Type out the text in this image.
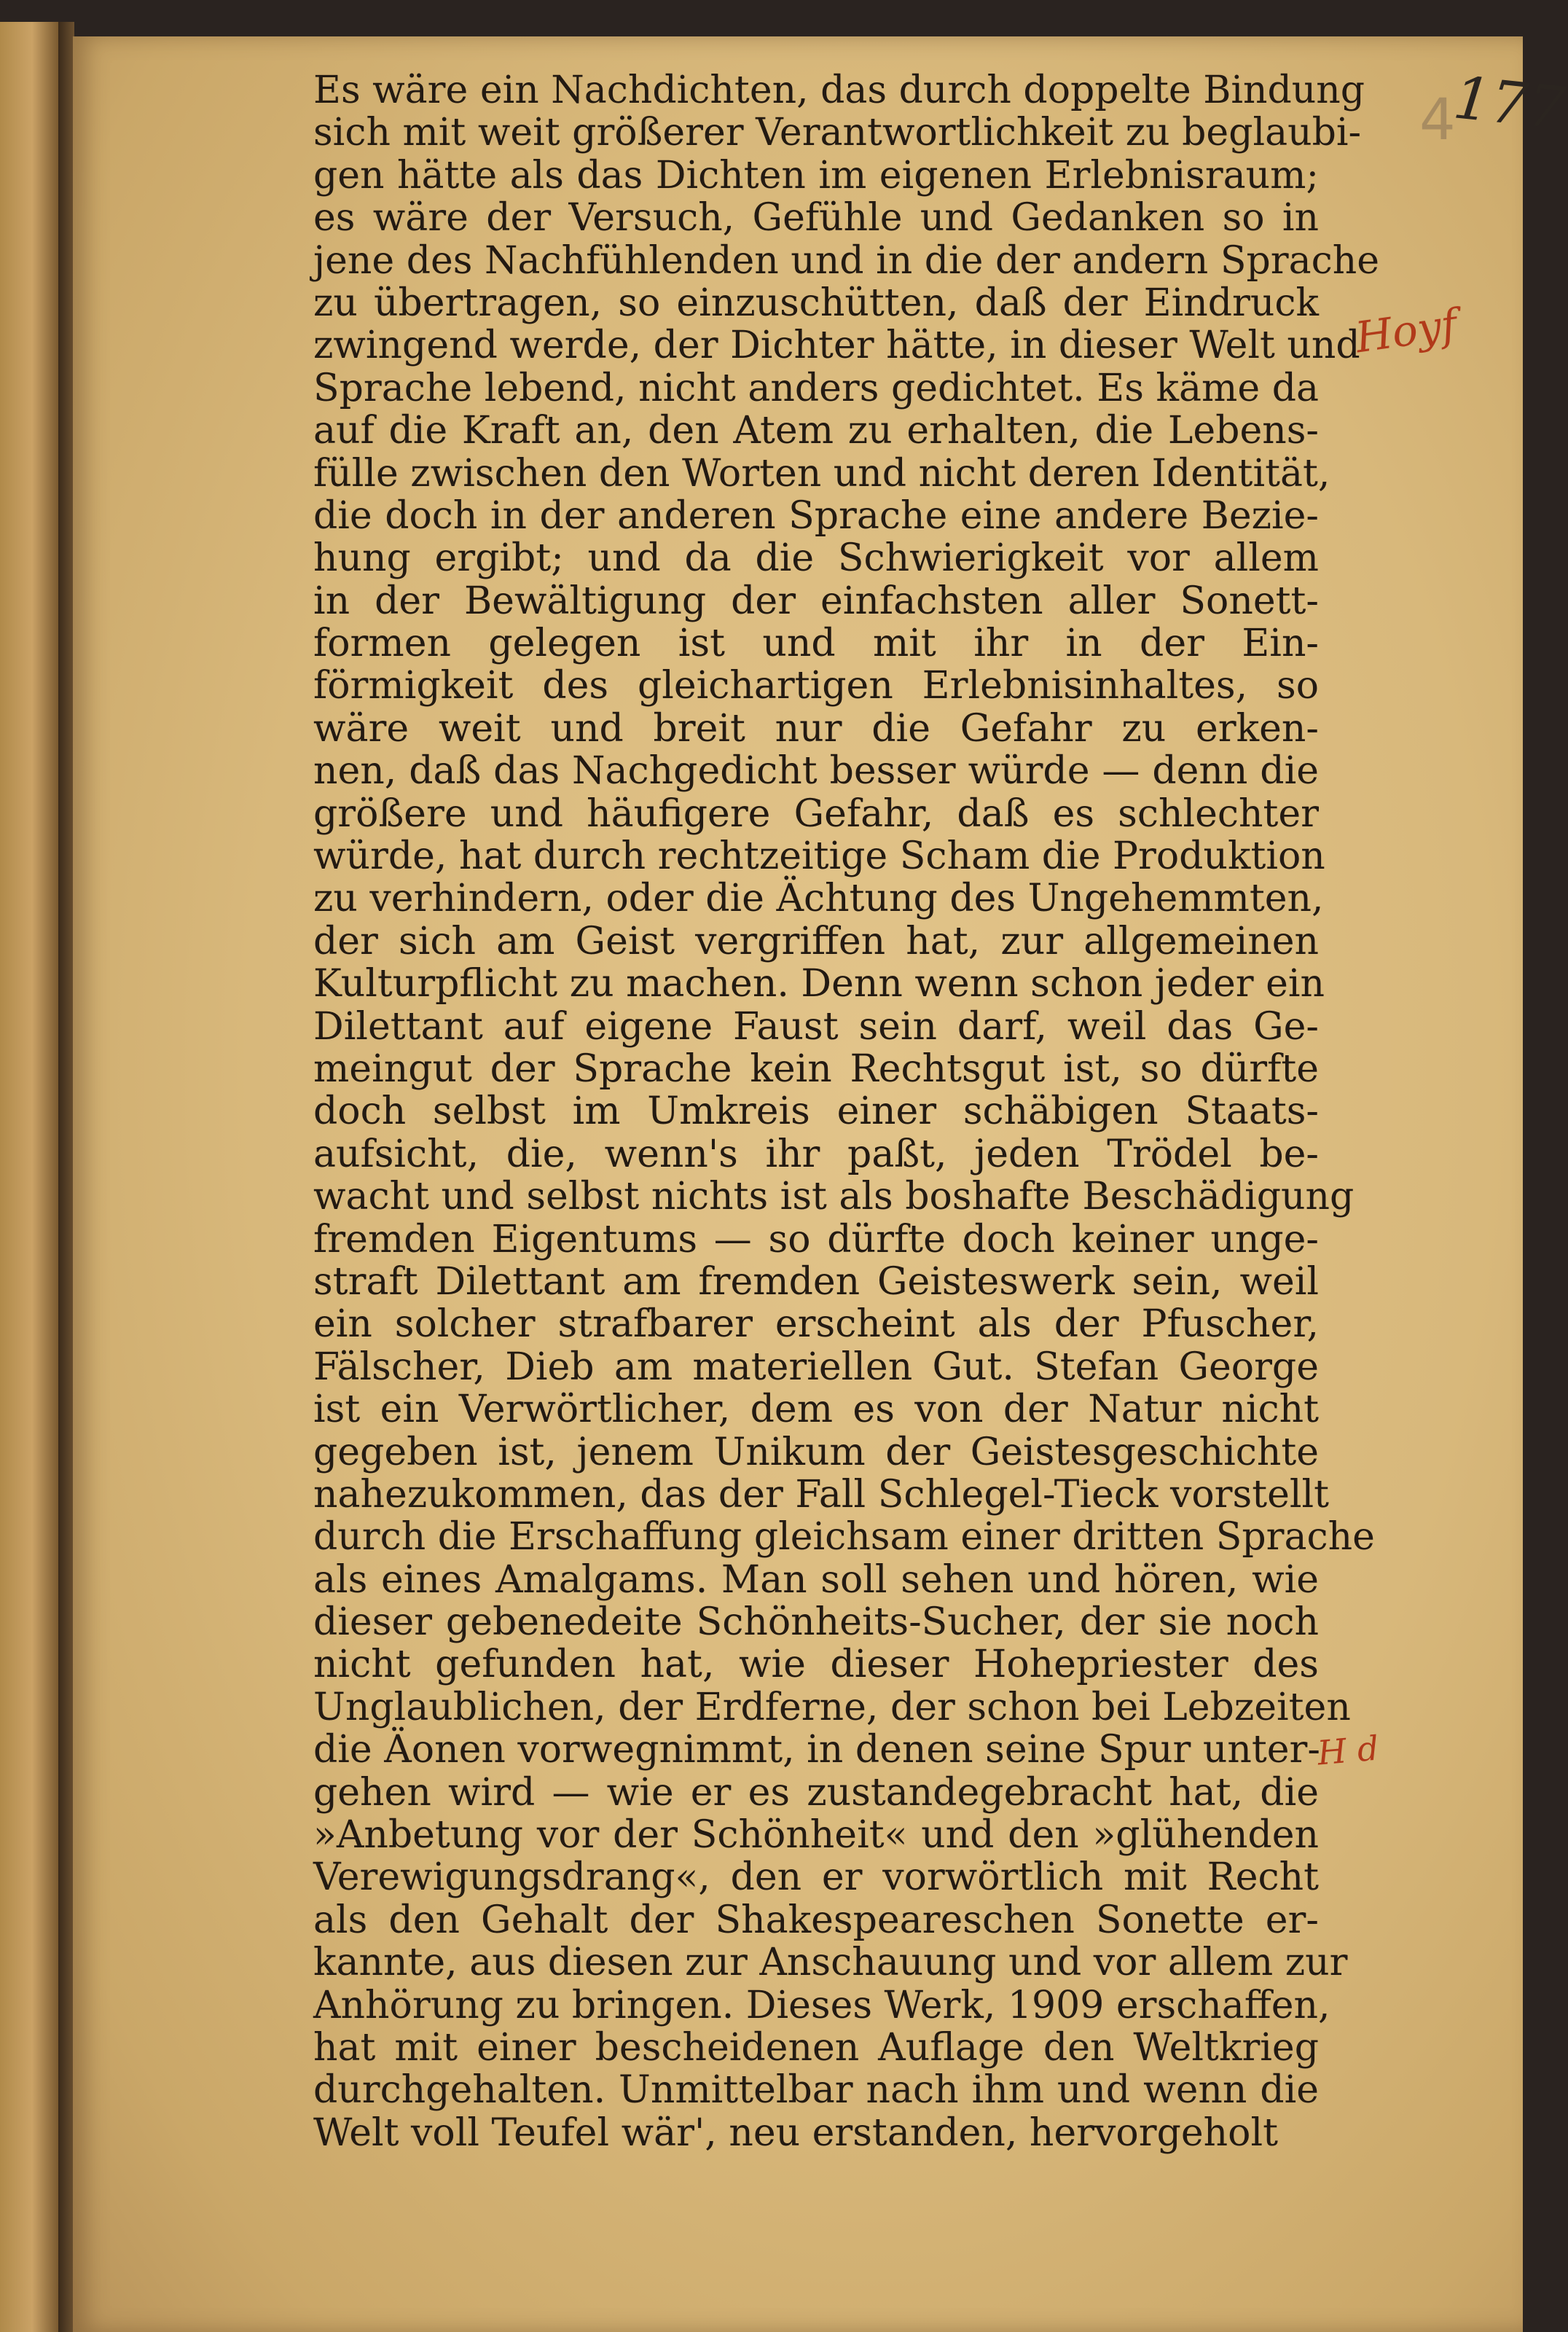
177
4
Hoyf
H d
Es wäre ein Nachdichten, das durch doppelte Bindung
sich mit weit größerer Verantwortlichkeit zu beglaubi-
gen hätte als das Dichten im eigenen Erlebnisraum;
es wäre der Versuch, Gefühle und Gedanken so in
jene des Nachfühlenden und in die der andern Sprache
zu übertragen, so einzuschütten, daß der Eindruck
zwingend werde, der Dichter hätte, in dieser Welt und
Sprache lebend, nicht anders gedichtet. Es käme da
auf die Kraft an, den Atem zu erhalten, die Lebens-
fülle zwischen den Worten und nicht deren Identität,
die doch in der anderen Sprache eine andere Bezie-
hung ergibt; und da die Schwierigkeit vor allem
in der Bewältigung der einfachsten aller Sonett-
formen gelegen ist und mit ihr in der Ein-
förmigkeit des gleichartigen Erlebnisinhaltes, so
wäre weit und breit nur die Gefahr zu erken-
nen, daß das Nachgedicht besser würde — denn die
größere und häufigere Gefahr, daß es schlechter
würde, hat durch rechtzeitige Scham die Produktion
zu verhindern, oder die Ächtung des Ungehemmten,
der sich am Geist vergriffen hat, zur allgemeinen
Kulturpflicht zu machen. Denn wenn schon jeder ein
Dilettant auf eigene Faust sein darf, weil das Ge-
meingut der Sprache kein Rechtsgut ist, so dürfte
doch selbst im Umkreis einer schäbigen Staats-
aufsicht, die, wenn's ihr paßt, jeden Trödel be-
wacht und selbst nichts ist als boshafte Beschädigung
fremden Eigentums — so dürfte doch keiner unge-
straft Dilettant am fremden Geisteswerk sein, weil
ein solcher strafbarer erscheint als der Pfuscher,
Fälscher, Dieb am materiellen Gut. Stefan George
ist ein Verwörtlicher, dem es von der Natur nicht
gegeben ist, jenem Unikum der Geistesgeschichte
nahezukommen, das der Fall Schlegel-Tieck vorstellt
durch die Erschaffung gleichsam einer dritten Sprache
als eines Amalgams. Man soll sehen und hören, wie
dieser gebenedeite Schönheits-Sucher, der sie noch
nicht gefunden hat, wie dieser Hohepriester des
Unglaublichen, der Erdferne, der schon bei Lebzeiten
die Äonen vorwegnimmt, in denen seine Spur unter-
gehen wird — wie er es zustandegebracht hat, die
»Anbetung vor der Schönheit« und den »glühenden
Verewigungsdrang«, den er vorwörtlich mit Recht
als den Gehalt der Shakespeareschen Sonette er-
kannte, aus diesen zur Anschauung und vor allem zur
Anhörung zu bringen. Dieses Werk, 1909 erschaffen,
hat mit einer bescheidenen Auflage den Weltkrieg
durchgehalten. Unmittelbar nach ihm und wenn die
Welt voll Teufel wär', neu erstanden, hervorgeholt
